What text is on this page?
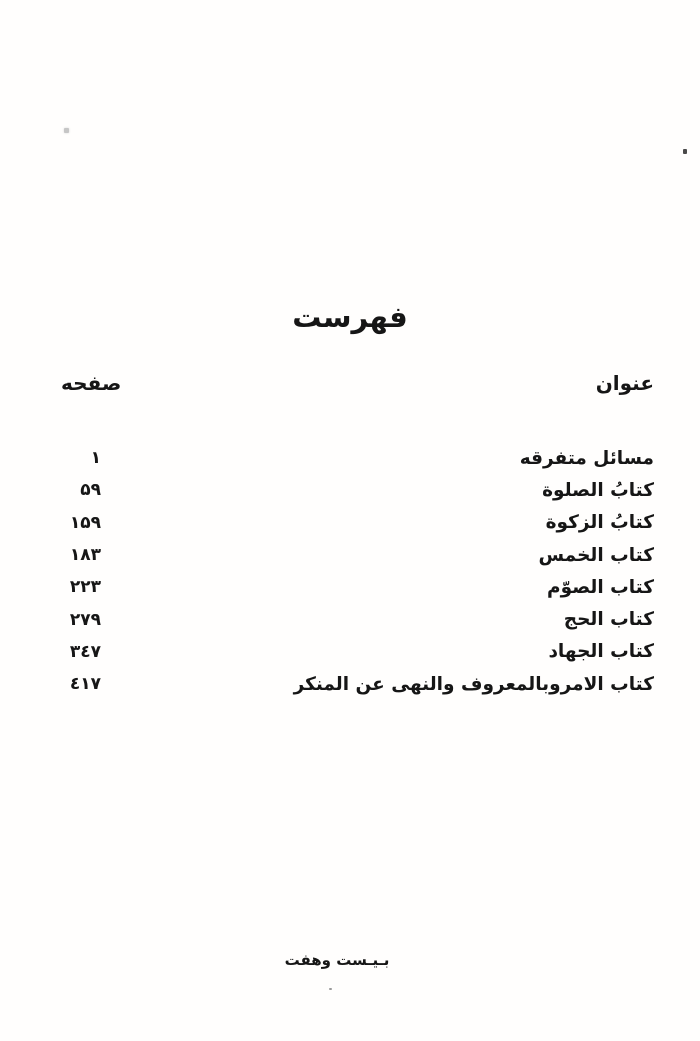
فهرست
صفحه	عنوان
۱	مسائل متفرقه
۵۹	كتابُ الصلوة
۱۵۹	كتابُ الزكوة
۱۸۳	كتاب الخمس
۲۲۳	كتاب الصوّم
۲۷۹	كتاب الحج
۳٤۷	كتاب الجهاد
٤۱۷	كتاب الامروبالمعروف والنهى عن المنكر
بـيـست وهفت
